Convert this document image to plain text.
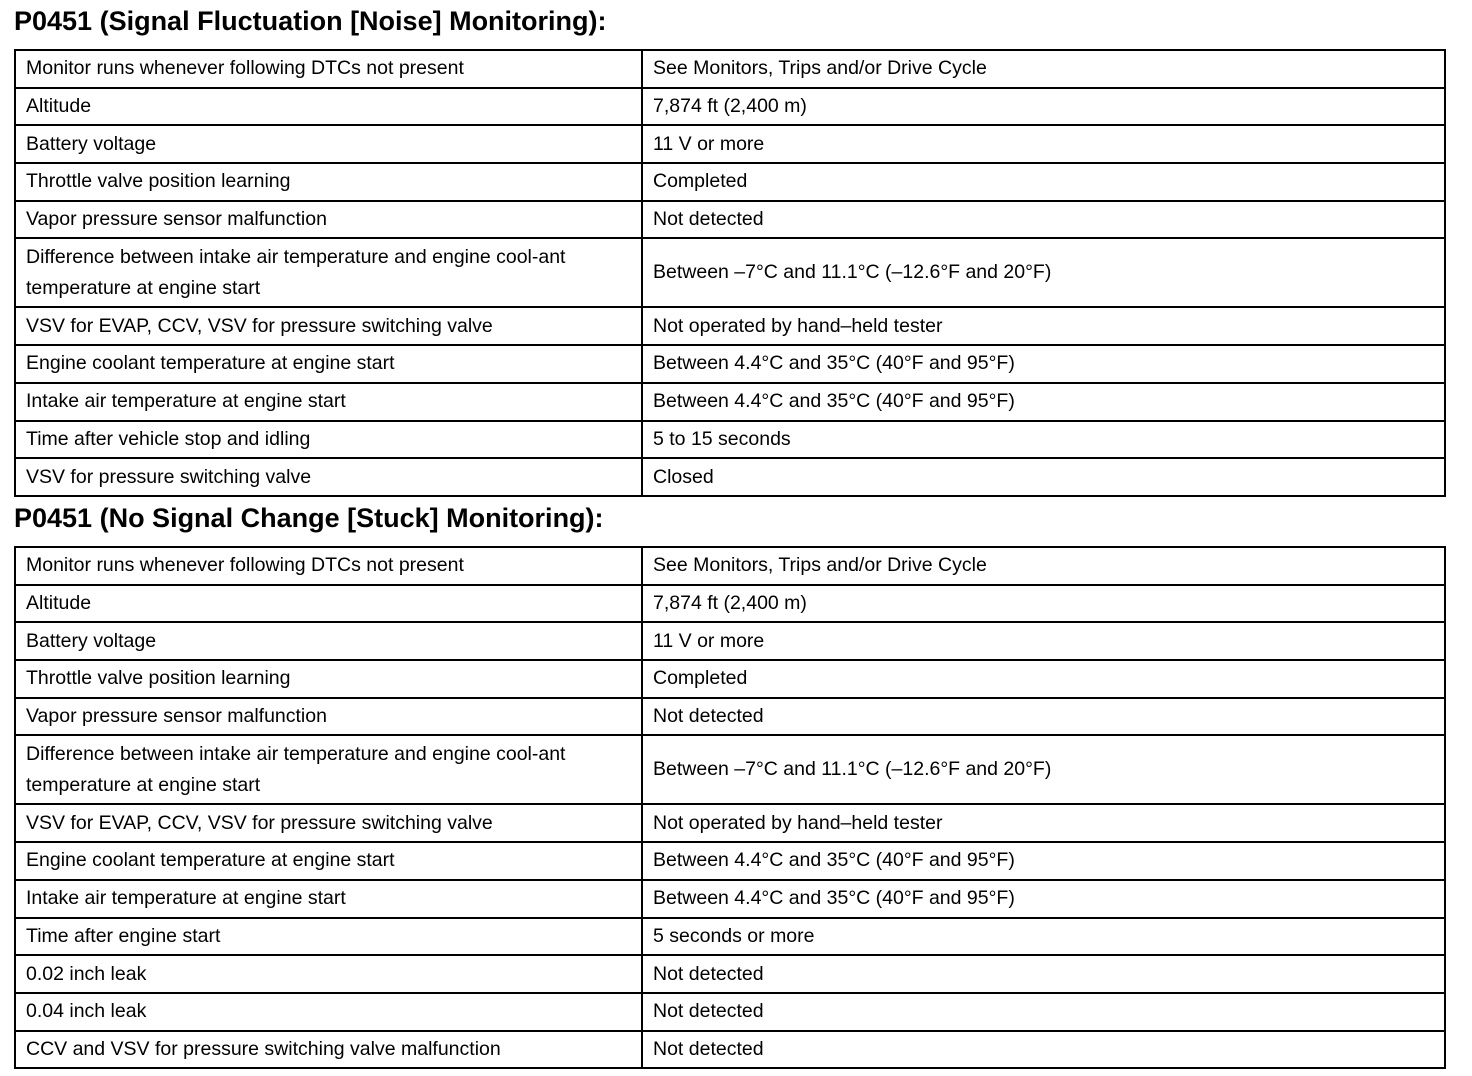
P0451 (Signal Fluctuation [Noise] Monitoring):
Monitor runs whenever following DTCs not present	See Monitors, Trips and/or Drive Cycle
Altitude	7,874 ft (2,400 m)
Battery voltage	11 V or more
Throttle valve position learning	Completed
Vapor pressure sensor malfunction	Not detected
Difference between intake air temperature and engine cool-ant temperature at engine start	Between –7°C and 11.1°C (–12.6°F and 20°F)
VSV for EVAP, CCV, VSV for pressure switching valve	Not operated by hand–held tester
Engine coolant temperature at engine start	Between 4.4°C and 35°C (40°F and 95°F)
Intake air temperature at engine start	Between 4.4°C and 35°C (40°F and 95°F)
Time after vehicle stop and idling	5 to 15 seconds
VSV for pressure switching valve	Closed
P0451 (No Signal Change [Stuck] Monitoring):
Monitor runs whenever following DTCs not present	See Monitors, Trips and/or Drive Cycle
Altitude	7,874 ft (2,400 m)
Battery voltage	11 V or more
Throttle valve position learning	Completed
Vapor pressure sensor malfunction	Not detected
Difference between intake air temperature and engine cool-ant temperature at engine start	Between –7°C and 11.1°C (–12.6°F and 20°F)
VSV for EVAP, CCV, VSV for pressure switching valve	Not operated by hand–held tester
Engine coolant temperature at engine start	Between 4.4°C and 35°C (40°F and 95°F)
Intake air temperature at engine start	Between 4.4°C and 35°C (40°F and 95°F)
Time after engine start	5 seconds or more
0.02 inch leak	Not detected
0.04 inch leak	Not detected
CCV and VSV for pressure switching valve malfunction	Not detected
